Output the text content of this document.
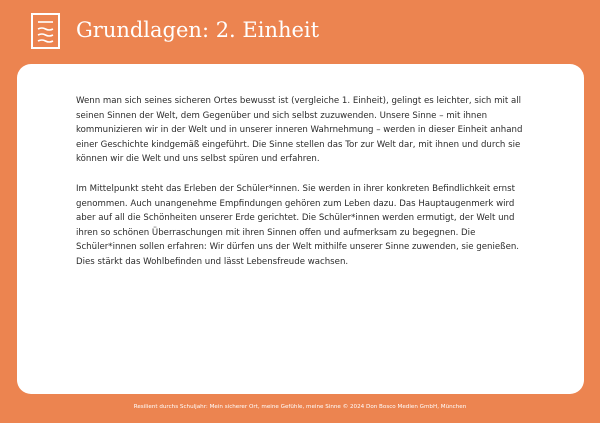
Grundlagen: 2. Einheit

Wenn man sich seines sicheren Ortes bewusst ist (vergleiche 1. Einheit), gelingt es leichter, sich mit all seinen Sinnen der Welt, dem Gegenüber und sich selbst zuzuwenden. Unsere Sinne – mit ihnen kommunizieren wir in der Welt und in unserer inneren Wahrnehmung – werden in dieser Einheit anhand einer Geschichte kindgemäß eingeführt. Die Sinne stellen das Tor zur Welt dar, mit ihnen und durch sie können wir die Welt und uns selbst spüren und erfahren.

Im Mittelpunkt steht das Erleben der Schüler*innen. Sie werden in ihrer konkreten Befindlichkeit ernst genommen. Auch unangenehme Empfindungen gehören zum Leben dazu. Das Hauptaugenmerk wird aber auf all die Schönheiten unserer Erde gerichtet. Die Schüler*innen werden ermutigt, der Welt und ihren so schönen Überraschungen mit ihren Sinnen offen und aufmerksam zu begegnen. Die Schüler*innen sollen erfahren: Wir dürfen uns der Welt mithilfe unserer Sinne zuwenden, sie genießen. Dies stärkt das Wohlbefinden und lässt Lebensfreude wachsen.

Resilient durchs Schuljahr: Mein sicherer Ort, meine Gefühle, meine Sinne © 2024 Don Bosco Medien GmbH, München
